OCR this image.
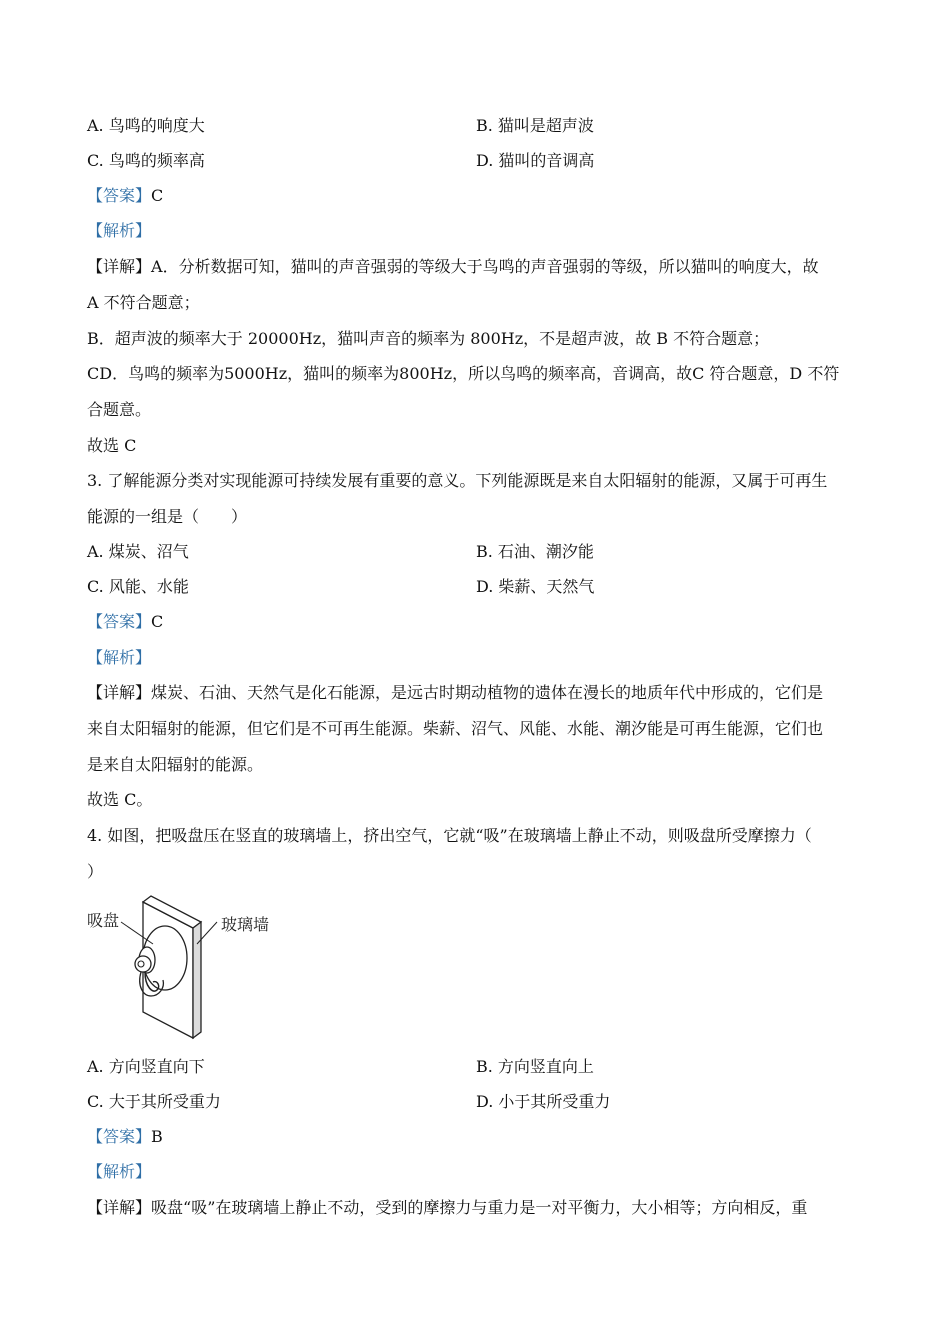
A. 鸟鸣的响度大	B. 猫叫是超声波
C. 鸟鸣的频率高	D. 猫叫的音调高
【答案】C
【解析】
【详解】A．分析数据可知，猫叫的声音强弱的等级大于鸟鸣的声音强弱的等级，所以猫叫的响度大，故
A 不符合题意；
B．超声波的频率大于 20000Hz，猫叫声音的频率为 800Hz，不是超声波，故 B 不符合题意；
CD．鸟鸣的频率为5000Hz，猫叫的频率为800Hz，所以鸟鸣的频率高，音调高，故C 符合题意，D 不符
合题意。
故选 C
3. 了解能源分类对实现能源可持续发展有重要的意义。下列能源既是来自太阳辐射的能源，又属于可再生
能源的一组是（　　）
A. 煤炭、沼气	B. 石油、潮汐能
C. 风能、水能	D. 柴薪、天然气
【答案】C
【解析】
【详解】煤炭、石油、天然气是化石能源，是远古时期动植物的遗体在漫长的地质年代中形成的，它们是
来自太阳辐射的能源，但它们是不可再生能源。柴薪、沼气、风能、水能、潮汐能是可再生能源，它们也
是来自太阳辐射的能源。
故选 C。
4. 如图，把吸盘压在竖直的玻璃墙上，挤出空气，它就“吸”在玻璃墙上静止不动，则吸盘所受摩擦力（
）
吸盘	玻璃墙
A. 方向竖直向下	B. 方向竖直向上
C. 大于其所受重力	D. 小于其所受重力
【答案】B
【解析】
【详解】吸盘“吸”在玻璃墙上静止不动，受到的摩擦力与重力是一对平衡力，大小相等；方向相反，重
